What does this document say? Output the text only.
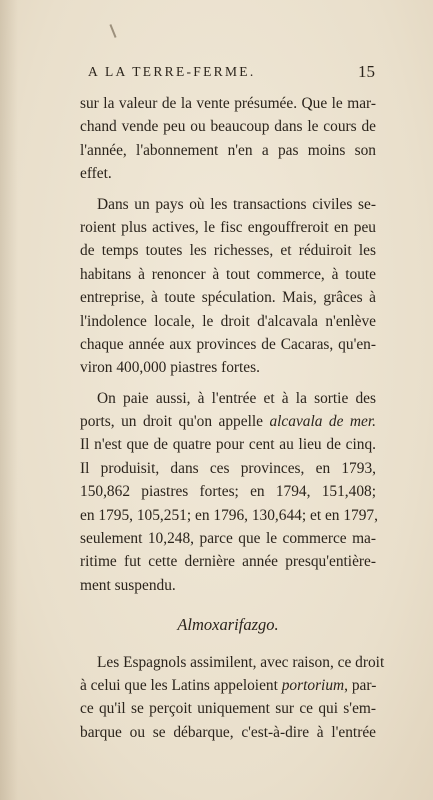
A LA TERRE-FERME.	15
sur la valeur de la vente présumée. Que le mar-
chand vende peu ou beaucoup dans le cours de
l'année, l'abonnement n'en a pas moins son
effet.
Dans un pays où les transactions civiles se-
roient plus actives, le fisc engouffreroit en peu
de temps toutes les richesses, et réduiroit les
habitans à renoncer à tout commerce, à toute
entreprise, à toute spéculation. Mais, grâces à
l'indolence locale, le droit d'alcavala n'enlève
chaque année aux provinces de Cacaras, qu'en-
viron 400,000 piastres fortes.
On paie aussi, à l'entrée et à la sortie des
ports, un droit qu'on appelle alcavala de mer.
Il n'est que de quatre pour cent au lieu de cinq.
Il produisit, dans ces provinces, en 1793,
150,862 piastres fortes; en 1794, 151,408;
en 1795, 105,251; en 1796, 130,644; et en 1797,
seulement 10,248, parce que le commerce ma-
ritime fut cette dernière année presqu'entière-
ment suspendu.
Almoxarifazgo.
Les Espagnols assimilent, avec raison, ce droit
à celui que les Latins appeloient portorium, par-
ce qu'il se perçoit uniquement sur ce qui s'em-
barque ou se débarque, c'est-à-dire à l'entrée
